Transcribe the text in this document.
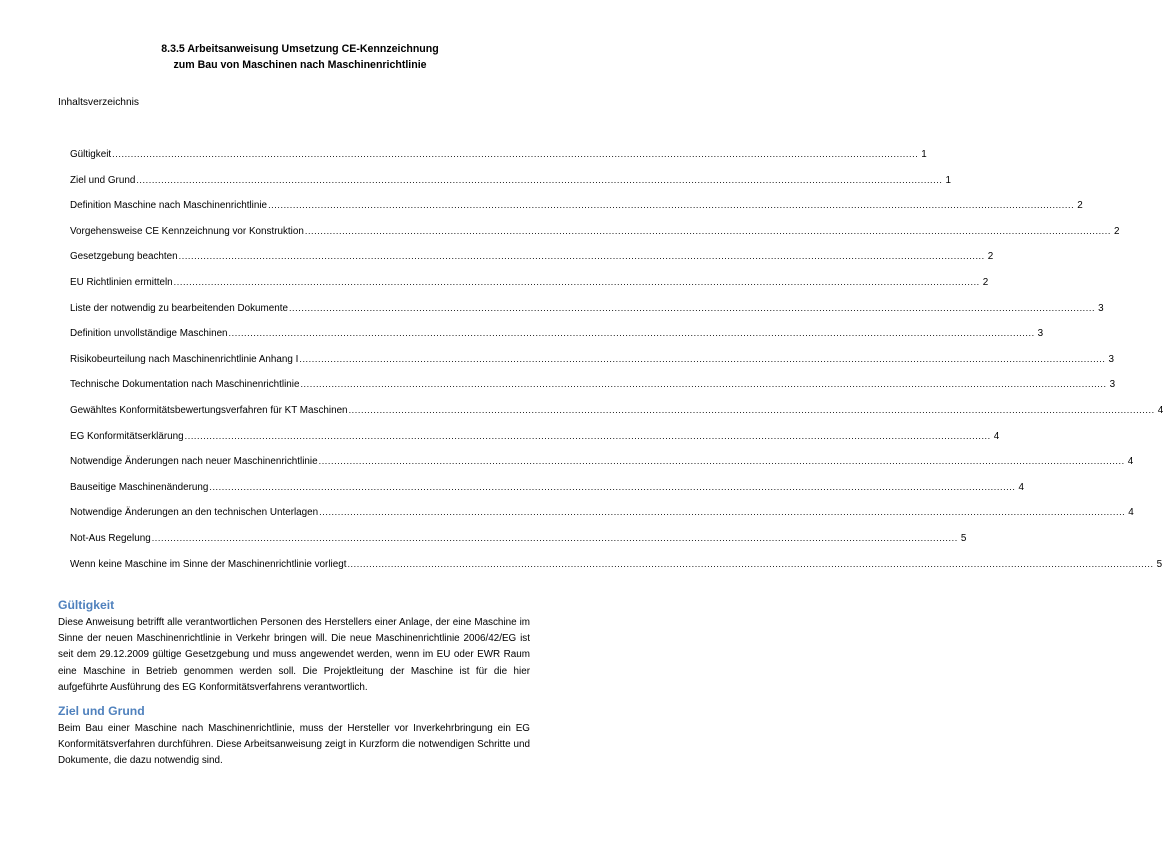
8.3.5 Arbeitsanweisung Umsetzung CE-Kennzeichnung
zum Bau von Maschinen nach Maschinenrichtlinie
Inhaltsverzeichnis
Gültigkeit .................................................................................................................................................................................................................................................................... 1
Ziel und Grund .................................................................................................................................................................................................................................................................... 1
Definition Maschine nach Maschinenrichtlinie .................................................................................................................................................................................................................................................................... 2
Vorgehensweise CE Kennzeichnung vor Konstruktion .................................................................................................................................................................................................................................................................... 2
Gesetzgebung beachten .................................................................................................................................................................................................................................................................... 2
EU Richtlinien ermitteln .................................................................................................................................................................................................................................................................... 2
Liste der notwendig zu bearbeitenden Dokumente .................................................................................................................................................................................................................................................................... 3
Definition unvollständige Maschinen .................................................................................................................................................................................................................................................................... 3
Risikobeurteilung nach Maschinenrichtlinie Anhang I .................................................................................................................................................................................................................................................................... 3
Technische Dokumentation nach Maschinenrichtlinie .................................................................................................................................................................................................................................................................... 3
Gewähltes Konformitätsbewertungsverfahren für KT Maschinen .................................................................................................................................................................................................................................................................... 4
EG Konformitätserklärung .................................................................................................................................................................................................................................................................... 4
Notwendige Änderungen nach neuer Maschinenrichtlinie .................................................................................................................................................................................................................................................................... 4
Bauseitige Maschinenänderung .................................................................................................................................................................................................................................................................... 4
Notwendige Änderungen an den technischen Unterlagen .................................................................................................................................................................................................................................................................... 4
Not-Aus Regelung .................................................................................................................................................................................................................................................................... 5
Wenn keine Maschine im Sinne der Maschinenrichtlinie vorliegt .................................................................................................................................................................................................................................................................... 5
Gültigkeit
Diese Anweisung betrifft alle verantwortlichen Personen des Herstellers einer Anlage, der eine Maschine im Sinne der neuen Maschinenrichtlinie in Verkehr bringen will. Die neue Maschinenrichtlinie 2006/42/EG ist seit dem 29.12.2009 gültige Gesetzgebung und muss angewendet werden, wenn im EU oder EWR Raum eine Maschine in Betrieb genommen werden soll. Die Projektleitung der Maschine ist für die hier aufgeführte Ausführung des EG Konformitätsverfahrens verantwortlich.
Ziel und Grund
Beim Bau einer Maschine nach Maschinenrichtlinie, muss der Hersteller vor Inverkehrbringung ein EG Konformitätsverfahren durchführen. Diese Arbeitsanweisung zeigt in Kurzform die notwendigen Schritte und Dokumente, die dazu notwendig sind.
